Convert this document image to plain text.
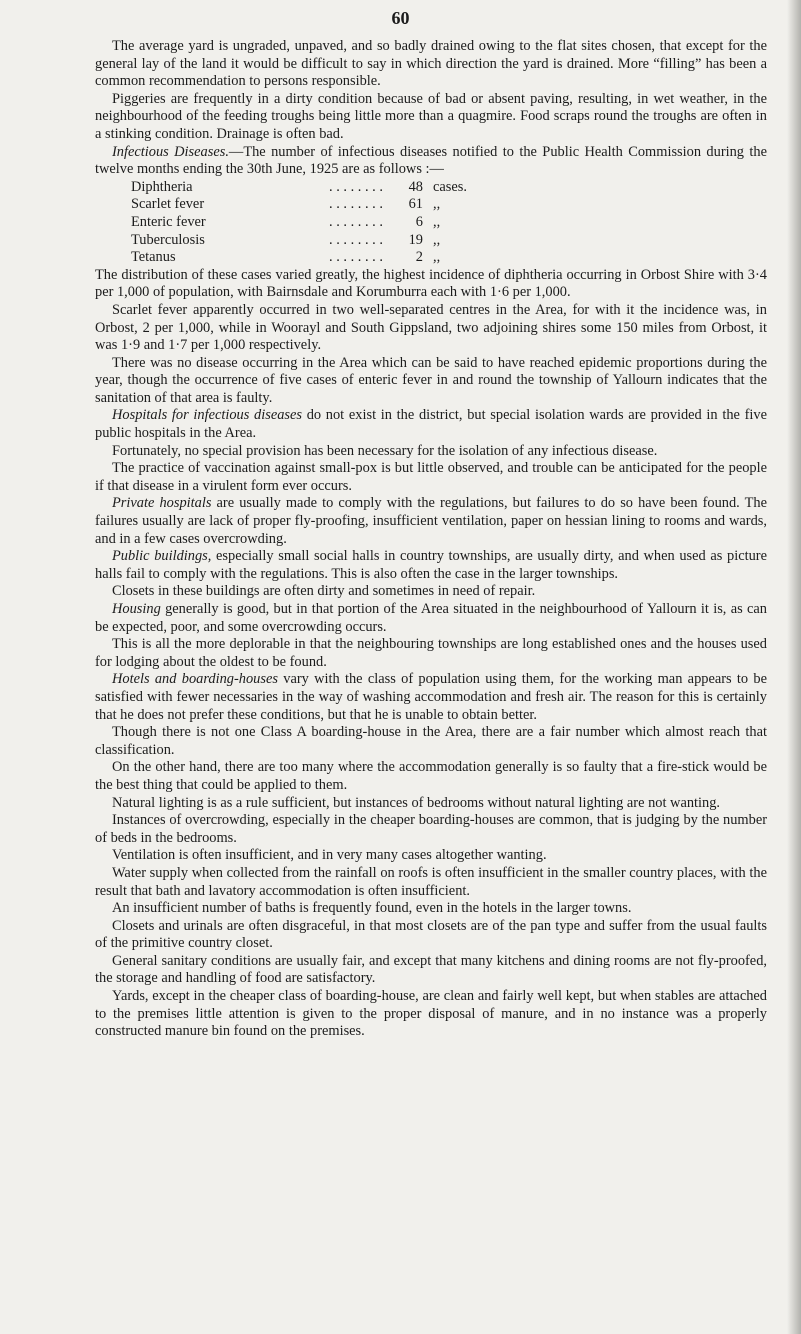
60

The average yard is ungraded, unpaved, and so badly drained owing to the flat sites chosen, that except for the general lay of the land it would be difficult to say in which direction the yard is drained. More “filling” has been a common recommendation to persons responsible.

Piggeries are frequently in a dirty condition because of bad or absent paving, resulting, in wet weather, in the neighbourhood of the feeding troughs being little more than a quagmire. Food scraps round the troughs are often in a stinking condition. Drainage is often bad.

Infectious Diseases.—The number of infectious diseases notified to the Public Health Commission during the twelve months ending the 30th June, 1925 are as follows :—

Diphtheria	. . . . . . . .	48 cases.
Scarlet fever	. . . . . . . .	61 ,,
Enteric fever	. . . . . . . .	6 ,,
Tuberculosis	. . . . . . . .	19 ,,
Tetanus	. . . . . . . .	2 ,,

The distribution of these cases varied greatly, the highest incidence of diphtheria occurring in Orbost Shire with 3·4 per 1,000 of population, with Bairnsdale and Korumburra each with 1·6 per 1,000.

Scarlet fever apparently occurred in two well-separated centres in the Area, for with it the incidence was, in Orbost, 2 per 1,000, while in Woorayl and South Gippsland, two adjoining shires some 150 miles from Orbost, it was 1·9 and 1·7 per 1,000 respectively.

There was no disease occurring in the Area which can be said to have reached epidemic proportions during the year, though the occurrence of five cases of enteric fever in and round the township of Yallourn indicates that the sanitation of that area is faulty.

Hospitals for infectious diseases do not exist in the district, but special isolation wards are provided in the five public hospitals in the Area.

Fortunately, no special provision has been necessary for the isolation of any infectious disease.

The practice of vaccination against small-pox is but little observed, and trouble can be anticipated for the people if that disease in a virulent form ever occurs.

Private hospitals are usually made to comply with the regulations, but failures to do so have been found. The failures usually are lack of proper fly-proofing, insufficient ventilation, paper on hessian lining to rooms and wards, and in a few cases overcrowding.

Public buildings, especially small social halls in country townships, are usually dirty, and when used as picture halls fail to comply with the regulations. This is also often the case in the larger townships.

Closets in these buildings are often dirty and sometimes in need of repair.

Housing generally is good, but in that portion of the Area situated in the neighbourhood of Yallourn it is, as can be expected, poor, and some overcrowding occurs.

This is all the more deplorable in that the neighbouring townships are long established ones and the houses used for lodging about the oldest to be found.

Hotels and boarding-houses vary with the class of population using them, for the working man appears to be satisfied with fewer necessaries in the way of washing accommodation and fresh air. The reason for this is certainly that he does not prefer these conditions, but that he is unable to obtain better.

Though there is not one Class A boarding-house in the Area, there are a fair number which almost reach that classification.

On the other hand, there are too many where the accommodation generally is so faulty that a fire-stick would be the best thing that could be applied to them.

Natural lighting is as a rule sufficient, but instances of bedrooms without natural lighting are not wanting.

Instances of overcrowding, especially in the cheaper boarding-houses are common, that is judging by the number of beds in the bedrooms.

Ventilation is often insufficient, and in very many cases altogether wanting.

Water supply when collected from the rainfall on roofs is often insufficient in the smaller country places, with the result that bath and lavatory accommodation is often insufficient.

An insufficient number of baths is frequently found, even in the hotels in the larger towns.

Closets and urinals are often disgraceful, in that most closets are of the pan type and suffer from the usual faults of the primitive country closet.

General sanitary conditions are usually fair, and except that many kitchens and dining rooms are not fly-proofed, the storage and handling of food are satisfactory.

Yards, except in the cheaper class of boarding-house, are clean and fairly well kept, but when stables are attached to the premises little attention is given to the proper disposal of manure, and in no instance was a properly constructed manure bin found on the premises.
